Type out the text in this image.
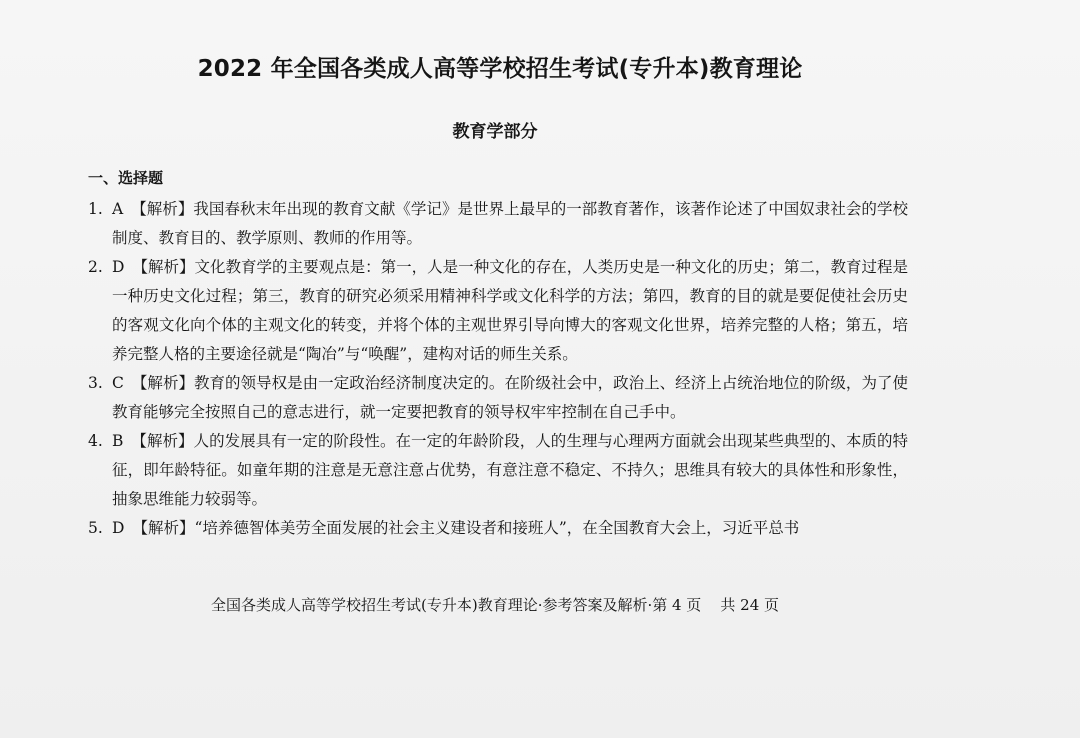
2022 年全国各类成人高等学校招生考试(专升本)教育理论
教育学部分
一、选择题
1. A 【解析】我国春秋末年出现的教育文献《学记》是世界上最早的一部教育著作，该著作论述了中国奴隶社会的学校制度、教育目的、教学原则、教师的作用等。
2. D 【解析】文化教育学的主要观点是：第一，人是一种文化的存在，人类历史是一种文化的历史；第二，教育过程是一种历史文化过程；第三，教育的研究必须采用精神科学或文化科学的方法；第四，教育的目的就是要促使社会历史的客观文化向个体的主观文化的转变，并将个体的主观世界引导向博大的客观文化世界，培养完整的人格；第五，培养完整人格的主要途径就是“陶冶”与“唤醒”，建构对话的师生关系。
3. C 【解析】教育的领导权是由一定政治经济制度决定的。在阶级社会中，政治上、经济上占统治地位的阶级，为了使教育能够完全按照自己的意志进行，就一定要把教育的领导权牢牢控制在自己手中。
4. B 【解析】人的发展具有一定的阶段性。在一定的年龄阶段，人的生理与心理两方面就会出现某些典型的、本质的特征，即年龄特征。如童年期的注意是无意注意占优势，有意注意不稳定、不持久；思维具有较大的具体性和形象性，抽象思维能力较弱等。
5. D 【解析】“培养德智体美劳全面发展的社会主义建设者和接班人”，在全国教育大会上，习近平总书
全国各类成人高等学校招生考试(专升本)教育理论·参考答案及解析·第 4 页    共 24 页
